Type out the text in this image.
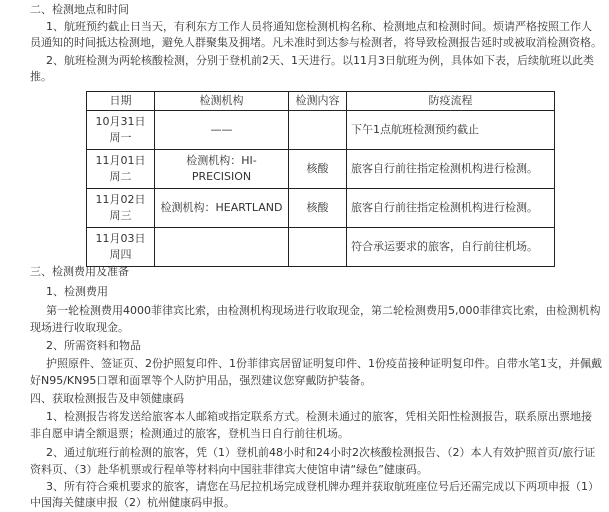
二、检测地点和时间
1、航班预约截止日当天，有利东方工作人员将通知您检测机构名称、检测地点和检测时间。烦请严格按照工作人
员通知的时间抵达检测地，避免人群聚集及拥堵。凡未准时到达参与检测者，将导致检测报告延时或被取消检测资格。
2、航班检测为两轮核酸检测，分别于登机前2天、1天进行。以11月3日航班为例，具体如下表，后续航班以此类
推。
日期	检测机构	检测内容	防疫流程

10月31日
周一	——		下午1点航班检测预约截止

11月01日
周二	检测机构：HI-PRECISION	核酸	旅客自行前往指定检测机构进行检测。

11月02日
周三	检测机构：HEARTLAND	核酸	旅客自行前往指定检测机构进行检测。

11月03日
周四			符合承运要求的旅客，自行前往机场。
三、检测费用及准备
1、检测费用
第一轮检测费用4000菲律宾比索，由检测机构现场进行收取现金，第二轮检测费用5,000菲律宾比索，由检测机构
现场进行收取现金。
2、所需资料和物品
护照原件、签证页、2份护照复印件、1份菲律宾居留证明复印件、1份疫苗接种证明复印件。自带水笔1支，并佩戴
好N95/KN95口罩和面罩等个人防护用品，强烈建议您穿戴防护装备。
四、获取检测报告及申领健康码
1、检测报告将发送给旅客本人邮箱或指定联系方式。检测未通过的旅客，凭相关阳性检测报告，联系原出票地接
非自愿申请全额退票；检测通过的旅客，登机当日自行前往机场。
2、通过航班行前检测的旅客，凭（1）登机前48小时和24小时2次核酸检测报告、（2）本人有效护照首页/旅行证
资料页、（3）赴华机票或行程单等材料向中国驻菲律宾大使馆申请“绿色”健康码。
3、所有符合乘机要求的旅客，请您在马尼拉机场完成登机牌办理并获取航班座位号后还需完成以下两项申报（1）
中国海关健康申报（2）杭州健康码申报。
